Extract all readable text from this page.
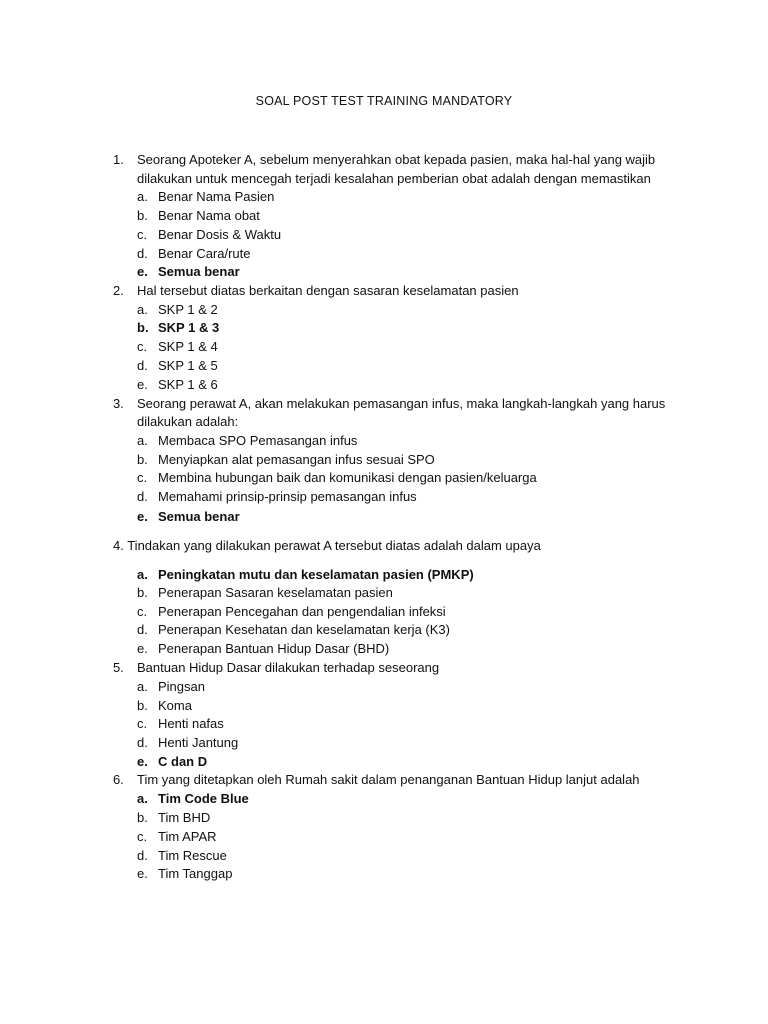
SOAL POST TEST TRAINING MANDATORY
1.	Seorang Apoteker A, sebelum menyerahkan obat kepada pasien, maka hal-hal yang wajib
dilakukan untuk mencegah terjadi kesalahan pemberian obat adalah dengan memastikan
a. Benar Nama Pasien
b. Benar Nama obat
c. Benar Dosis & Waktu
d. Benar Cara/rute
e. Semua benar
2.	Hal tersebut diatas berkaitan dengan sasaran keselamatan pasien
a. SKP 1 & 2
b. SKP 1 & 3
c. SKP 1 & 4
d. SKP 1 & 5
e. SKP 1 & 6
3.	Seorang perawat A, akan melakukan pemasangan infus, maka langkah-langkah yang harus
dilakukan adalah:
a. Membaca SPO Pemasangan infus
b. Menyiapkan alat pemasangan infus sesuai SPO
c. Membina hubungan baik dan komunikasi dengan pasien/keluarga
d. Memahami prinsip-prinsip pemasangan infus
e. Semua benar
4. Tindakan yang dilakukan perawat A tersebut diatas adalah dalam upaya
a. Peningkatan mutu dan keselamatan pasien (PMKP)
b. Penerapan Sasaran keselamatan pasien
c. Penerapan Pencegahan dan pengendalian infeksi
d. Penerapan Kesehatan dan keselamatan kerja (K3)
e. Penerapan Bantuan Hidup Dasar (BHD)
5.	Bantuan Hidup Dasar dilakukan terhadap seseorang
a. Pingsan
b. Koma
c. Henti nafas
d. Henti Jantung
e. C dan D
6.	Tim yang ditetapkan oleh Rumah sakit dalam penanganan Bantuan Hidup lanjut adalah
a. Tim Code Blue
b. Tim BHD
c. Tim APAR
d. Tim Rescue
e. Tim Tanggap
